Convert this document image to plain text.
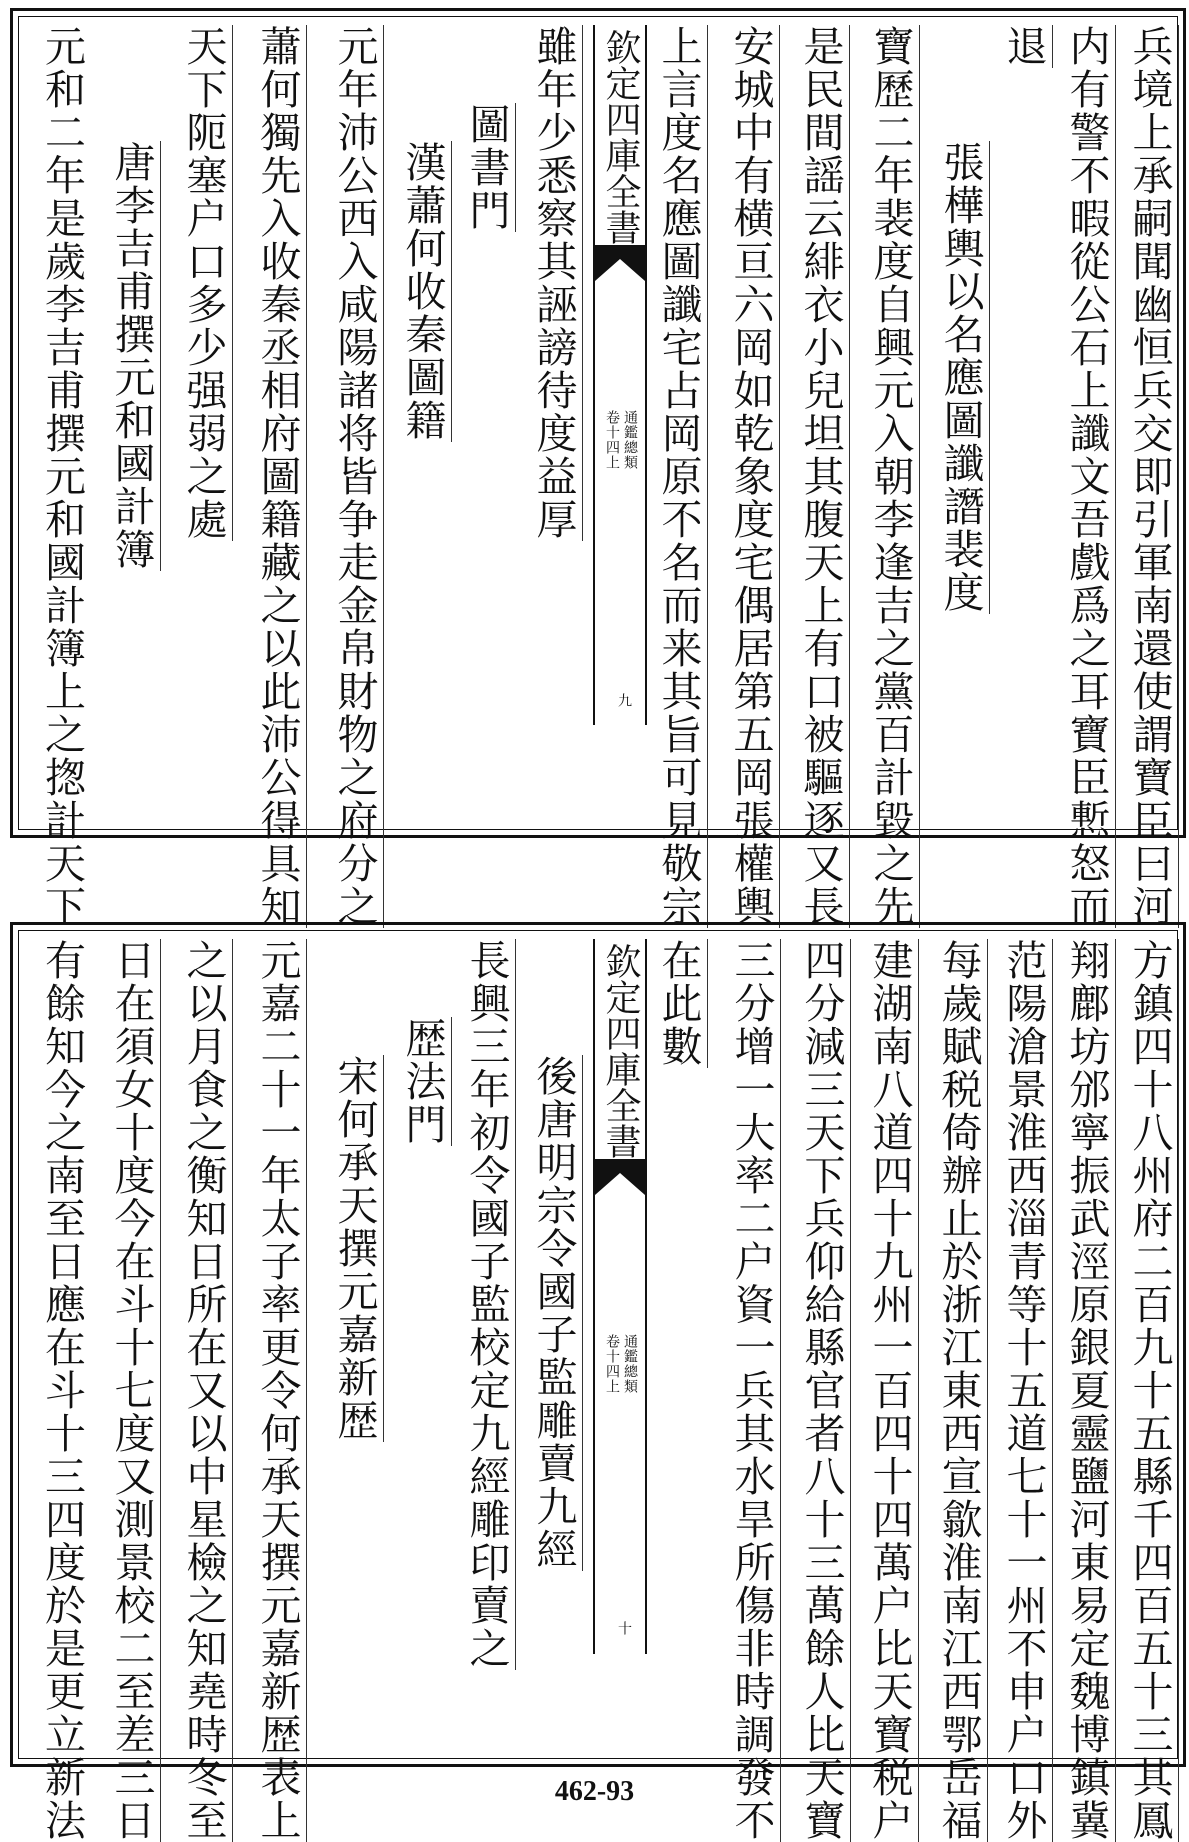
兵境上承嗣聞幽恒兵交即引軍南還使謂寶臣曰河
内有警不暇從公石上讖文吾戲爲之耳寶臣慙怒而
退
張樺輿以名應圖讖譖裴度
寶歷二年裴度自興元入朝李逢吉之黨百計毀之先
是民間謡云緋衣小兒坦其腹天上有口被驅逐又長
安城中有横亘六岡如乾象度宅偶居第五岡張權輿
上言度名應圖讖宅占岡原不名而来其旨可見敬宗
欽定四庫全書
通鑑總類
卷十四上
九
雖年少悉察其誣謗待度益厚
圖書門
漢蕭何收秦圖籍
元年沛公西入咸陽諸将皆争走金帛財物之府分之
蕭何獨先入收秦丞相府圖籍藏之以此沛公得具知
天下阨塞户口多少强弱之處
唐李吉甫撰元和國計簿
元和二年是歲李吉甫撰元和國計簿上之揔計天下
方鎮四十八州府二百九十五縣千四百五十三其鳳
翔鄜坊邠寧振武涇原銀夏靈鹽河東易定魏博鎮冀
范陽滄景淮西淄青等十五道七十一州不申户口外
每歲賦税倚辦止於浙江東西宣歙淮南江西鄂岳福
建湖南八道四十九州一百四十四萬户比天寶税户
四分減三天下兵仰給縣官者八十三萬餘人比天寶
三分增一大率二户資一兵其水旱所傷非時調發不
在此數
欽定四庫全書
通鑑總類
卷十四上
十
後唐明宗令國子監雕賣九經
長興三年初令國子監校定九經雕印賣之
歴法門
宋何承天撰元嘉新歴
元嘉二十一年太子率更令何承天撰元嘉新歴表上
之以月食之衡知日所在又以中星檢之知堯時冬至
日在須女十度今在斗十七度又測景校二至差三日
有餘知今之南至日應在斗十三四度於是更立新法	462-93
